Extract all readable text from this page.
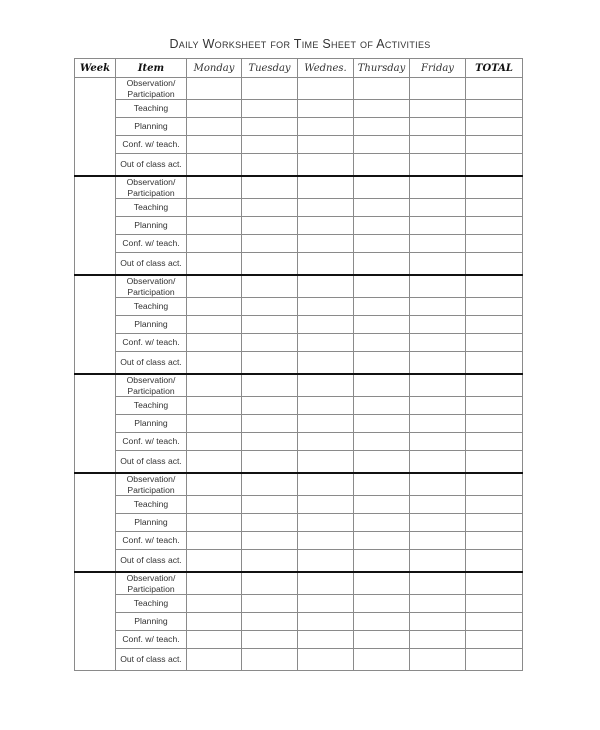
Daily Worksheet for Time Sheet of Activities
Week	Item	Monday	Tuesday	Wednes.	Thursday	Friday	TOTAL
	Observation/ Participation						
	Teaching						
	Planning						
	Conf. w/ teach.						
	Out of class act.						
	Observation/ Participation						
	Teaching						
	Planning						
	Conf. w/ teach.						
	Out of class act.						
	Observation/ Participation						
	Teaching						
	Planning						
	Conf. w/ teach.						
	Out of class act.						
	Observation/ Participation						
	Teaching						
	Planning						
	Conf. w/ teach.						
	Out of class act.						
	Observation/ Participation						
	Teaching						
	Planning						
	Conf. w/ teach.						
	Out of class act.						
	Observation/ Participation						
	Teaching						
	Planning						
	Conf. w/ teach.						
	Out of class act.						
